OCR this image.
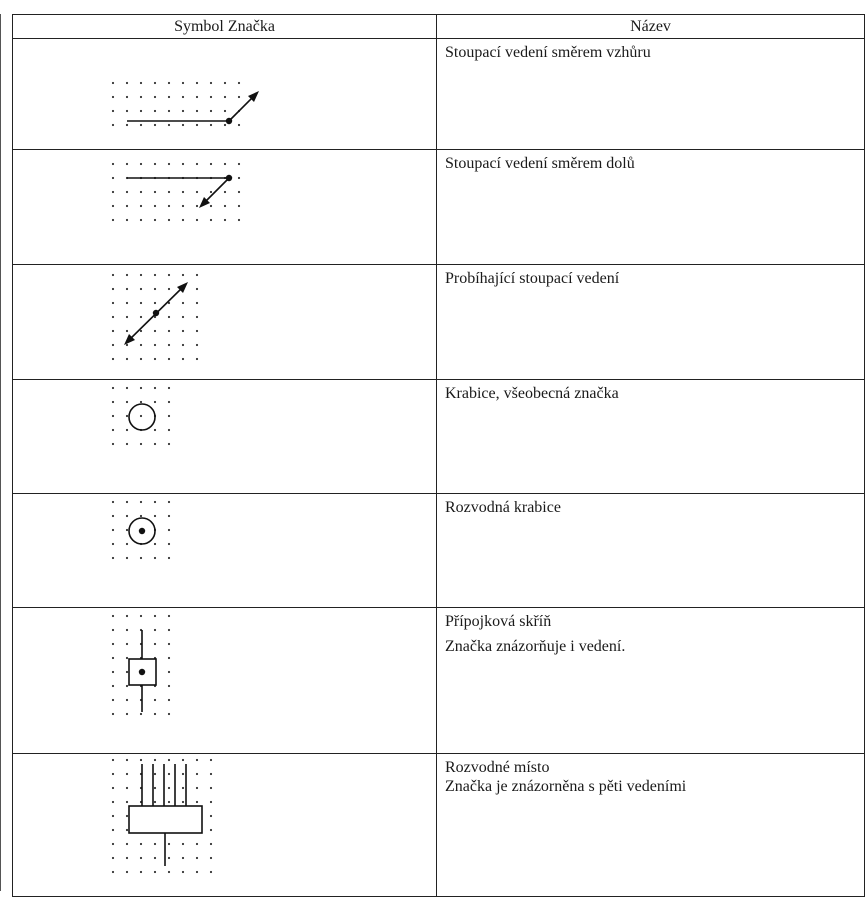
Symbol Značka	Název

Stoupací vedení směrem vzhůru

Stoupací vedení směrem dolů

Probíhající stoupací vedení

Krabice, všeobecná značka

Rozvodná krabice

Přípojková skříň
Značka znázorňuje i vedení.

Rozvodné místo
Značka je znázorněna s pěti vedeními
